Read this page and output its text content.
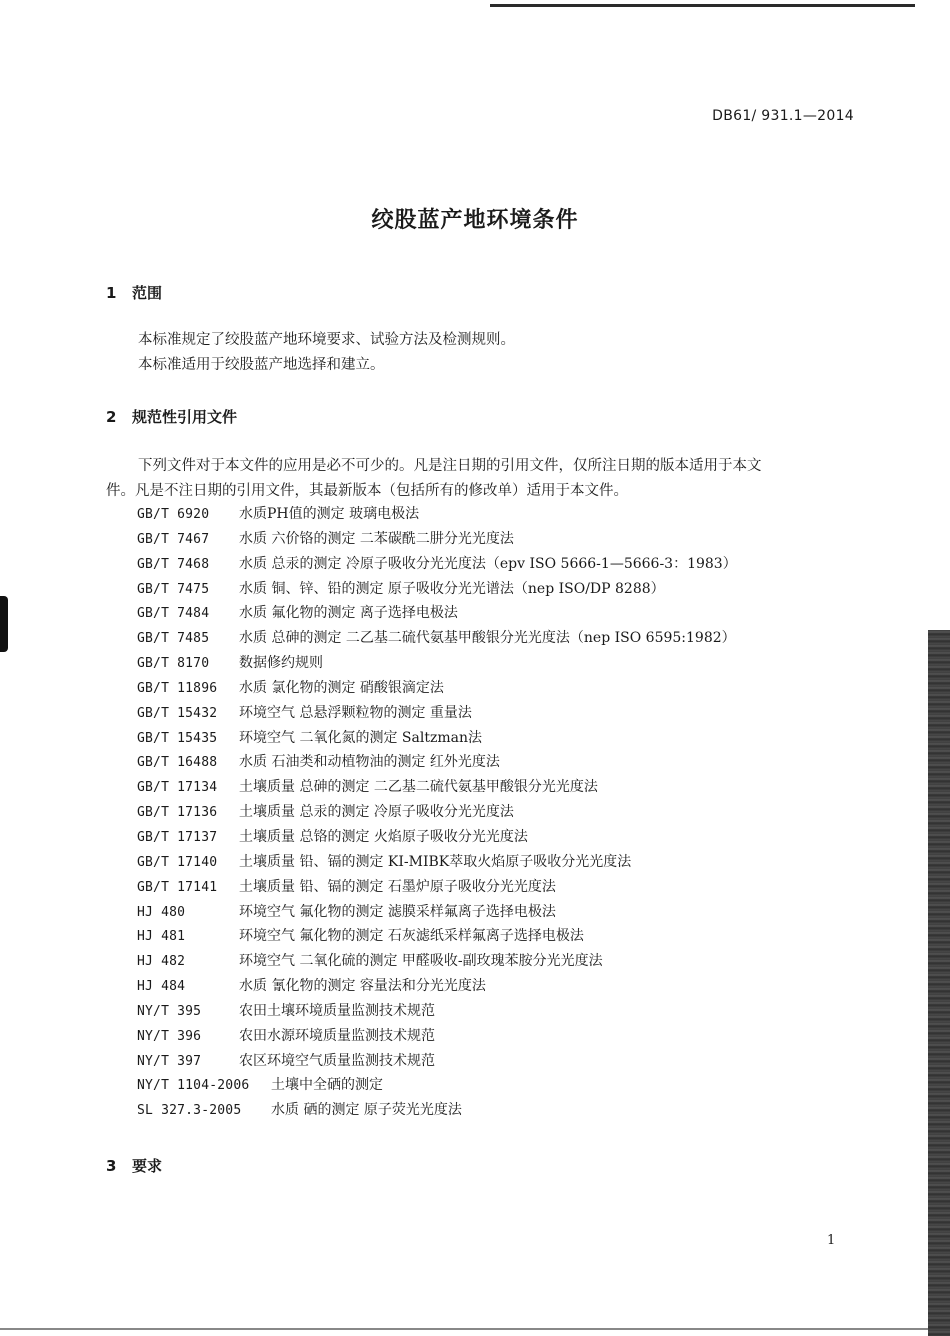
DB61/ 931.1—2014
绞股蓝产地环境条件
1 范围
本标准规定了绞股蓝产地环境要求、试验方法及检测规则。
本标准适用于绞股蓝产地选择和建立。
2 规范性引用文件
下列文件对于本文件的应用是必不可少的。凡是注日期的引用文件，仅所注日期的版本适用于本文
件。凡是不注日期的引用文件，其最新版本（包括所有的修改单）适用于本文件。
GB/T 6920 水质PH值的测定 玻璃电极法
GB/T 7467 水质 六价铬的测定 二苯碳酰二肼分光光度法
GB/T 7468 水质 总汞的测定 冷原子吸收分光光度法（epv ISO 5666-1—5666-3：1983）
GB/T 7475 水质 铜、锌、铅的测定 原子吸收分光光谱法（nep ISO/DP 8288）
GB/T 7484 水质 氟化物的测定 离子选择电极法
GB/T 7485 水质 总砷的测定 二乙基二硫代氨基甲酸银分光光度法（nep ISO 6595:1982）
GB/T 8170 数据修约规则
GB/T 11896 水质 氯化物的测定 硝酸银滴定法
GB/T 15432 环境空气 总悬浮颗粒物的测定 重量法
GB/T 15435 环境空气 二氧化氮的测定 Saltzman法
GB/T 16488 水质 石油类和动植物油的测定 红外光度法
GB/T 17134 土壤质量 总砷的测定 二乙基二硫代氨基甲酸银分光光度法
GB/T 17136 土壤质量 总汞的测定 冷原子吸收分光光度法
GB/T 17137 土壤质量 总铬的测定 火焰原子吸收分光光度法
GB/T 17140 土壤质量 铅、镉的测定 KI-MIBK萃取火焰原子吸收分光光度法
GB/T 17141 土壤质量 铅、镉的测定 石墨炉原子吸收分光光度法
HJ 480	环境空气 氟化物的测定 滤膜采样氟离子选择电极法
HJ 481	环境空气 氟化物的测定 石灰滤纸采样氟离子选择电极法
HJ 482	环境空气 二氧化硫的测定 甲醛吸收-副玫瑰苯胺分光光度法
HJ 484	水质 氰化物的测定 容量法和分光光度法
NY/T 395	农田土壤环境质量监测技术规范
NY/T 396	农田水源环境质量监测技术规范
NY/T 397	农区环境空气质量监测技术规范
NY/T 1104-2006 土壤中全硒的测定
SL 327.3-2005 水质 硒的测定 原子荧光光度法
3 要求
1
